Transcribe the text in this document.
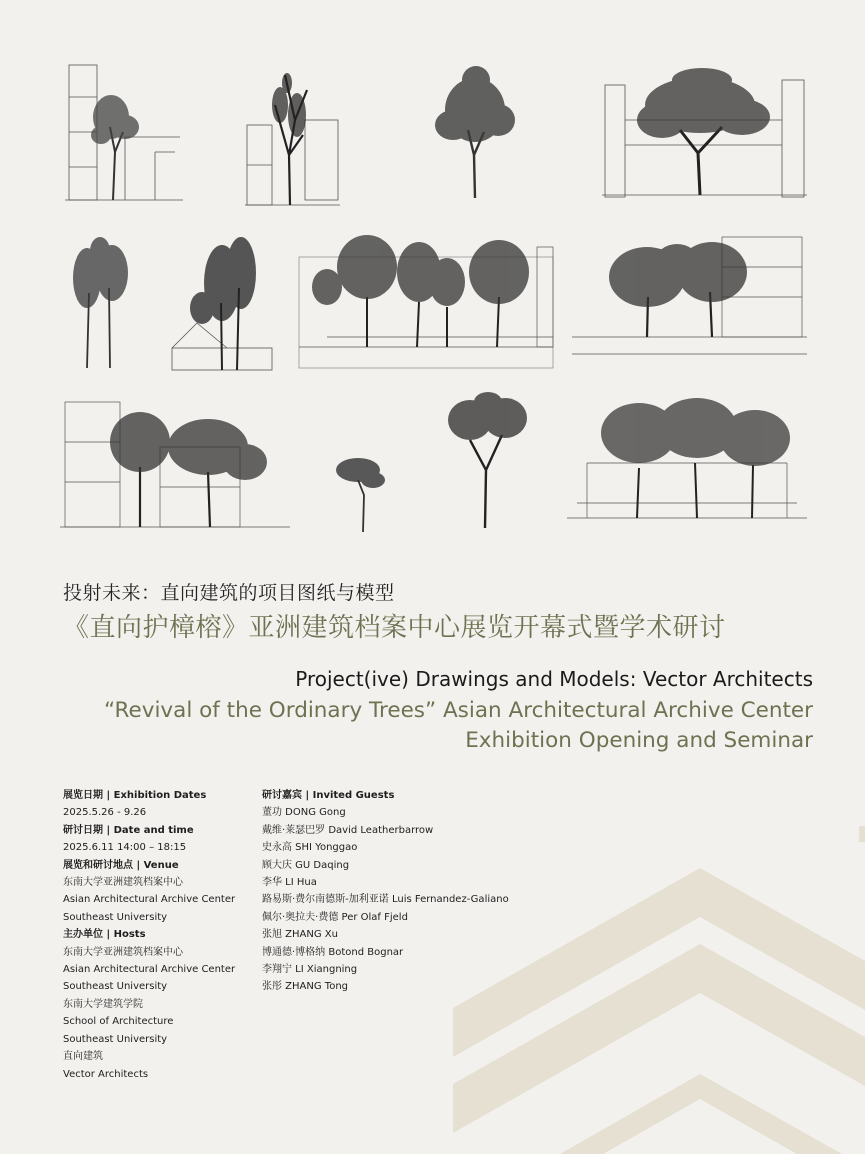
投射未来：直向建筑的项目图纸与模型
《直向护樟榕》亚洲建筑档案中心展览开幕式暨学术研讨
Project(ive) Drawings and Models: Vector Architects
“Revival of the Ordinary Trees” Asian Architectural Archive Center
Exhibition Opening and Seminar
展览日期 | Exhibition Dates
2025.5.26 - 9.26
研讨日期 | Date and time
2025.6.11 14:00 – 18:15
展览和研讨地点 | Venue
东南大学亚洲建筑档案中心
Asian Architectural Archive Center
Southeast University
主办单位 | Hosts
东南大学亚洲建筑档案中心
Asian Architectural Archive Center
Southeast University
东南大学建筑学院
School of Architecture
Southeast University
直向建筑
Vector Architects
研讨嘉宾 | Invited Guests
董功 DONG Gong
戴维·莱瑟巴罗 David Leatherbarrow
史永高 SHI Yonggao
顾大庆 GU Daqing
李华 LI Hua
路易斯·费尔南德斯-加利亚诺 Luis Fernandez-Galiano
佩尔·奥拉夫·费德 Per Olaf Fjeld
张旭 ZHANG Xu
博通德·博格纳 Botond Bognar
李翔宁 LI Xiangning
张彤 ZHANG Tong
